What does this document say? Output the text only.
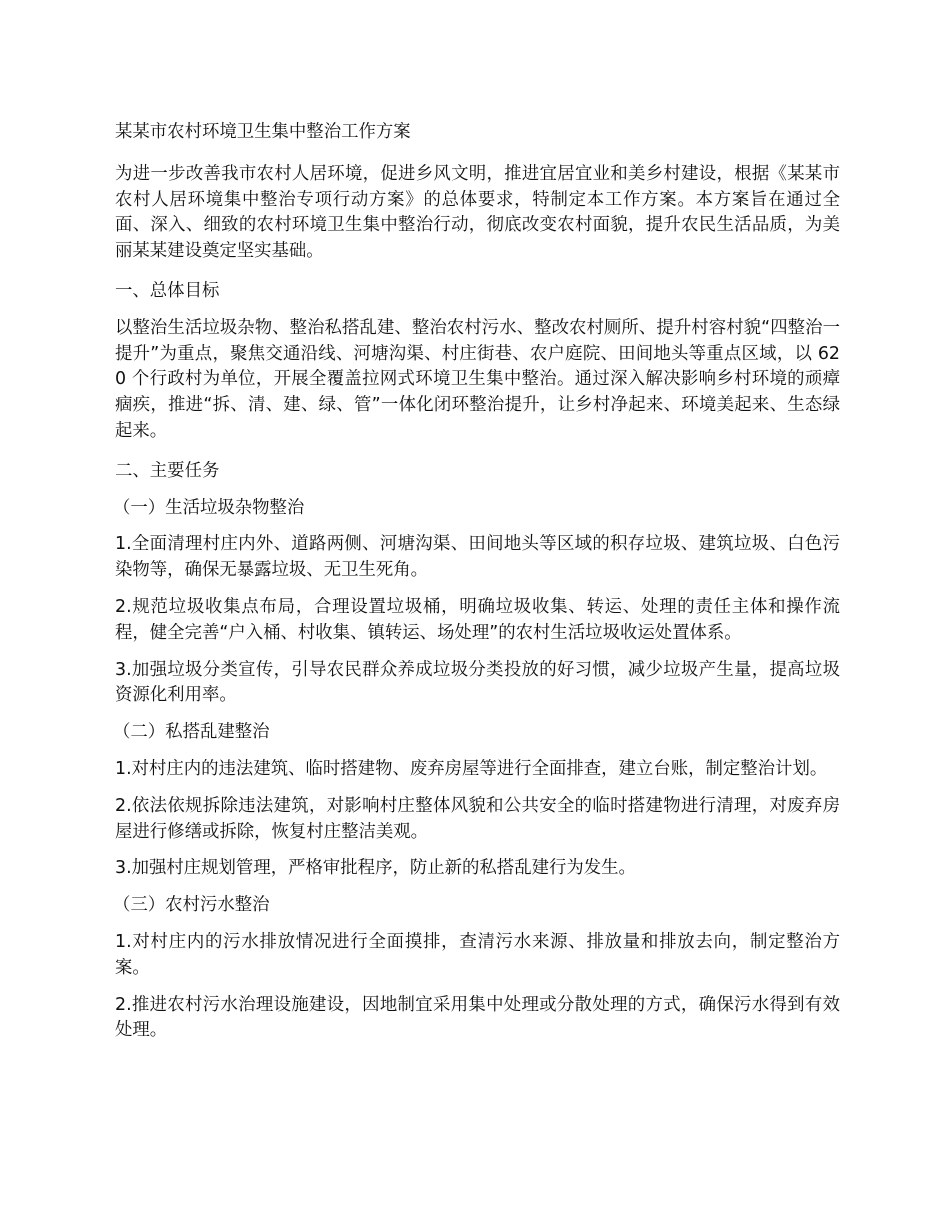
某某市农村环境卫生集中整治工作方案

为进一步改善我市农村人居环境，促进乡风文明，推进宜居宜业和美乡村建设，根据《某某市农村人居环境集中整治专项行动方案》的总体要求，特制定本工作方案。本方案旨在通过全面、深入、细致的农村环境卫生集中整治行动，彻底改变农村面貌，提升农民生活品质，为美丽某某建设奠定坚实基础。

一、总体目标

以整治生活垃圾杂物、整治私搭乱建、整治农村污水、整改农村厕所、提升村容村貌“四整治一提升”为重点，聚焦交通沿线、河塘沟渠、村庄街巷、农户庭院、田间地头等重点区域，以 620 个行政村为单位，开展全覆盖拉网式环境卫生集中整治。通过深入解决影响乡村环境的顽瘴痼疾，推进“拆、清、建、绿、管”一体化闭环整治提升，让乡村净起来、环境美起来、生态绿起来。

二、主要任务

（一）生活垃圾杂物整治

1.全面清理村庄内外、道路两侧、河塘沟渠、田间地头等区域的积存垃圾、建筑垃圾、白色污染物等，确保无暴露垃圾、无卫生死角。

2.规范垃圾收集点布局，合理设置垃圾桶，明确垃圾收集、转运、处理的责任主体和操作流程，健全完善“户入桶、村收集、镇转运、场处理”的农村生活垃圾收运处置体系。

3.加强垃圾分类宣传，引导农民群众养成垃圾分类投放的好习惯，减少垃圾产生量，提高垃圾资源化利用率。

（二）私搭乱建整治

1.对村庄内的违法建筑、临时搭建物、废弃房屋等进行全面排查，建立台账，制定整治计划。

2.依法依规拆除违法建筑，对影响村庄整体风貌和公共安全的临时搭建物进行清理，对废弃房屋进行修缮或拆除，恢复村庄整洁美观。

3.加强村庄规划管理，严格审批程序，防止新的私搭乱建行为发生。

（三）农村污水整治

1.对村庄内的污水排放情况进行全面摸排，查清污水来源、排放量和排放去向，制定整治方案。

2.推进农村污水治理设施建设，因地制宜采用集中处理或分散处理的方式，确保污水得到有效处理。
